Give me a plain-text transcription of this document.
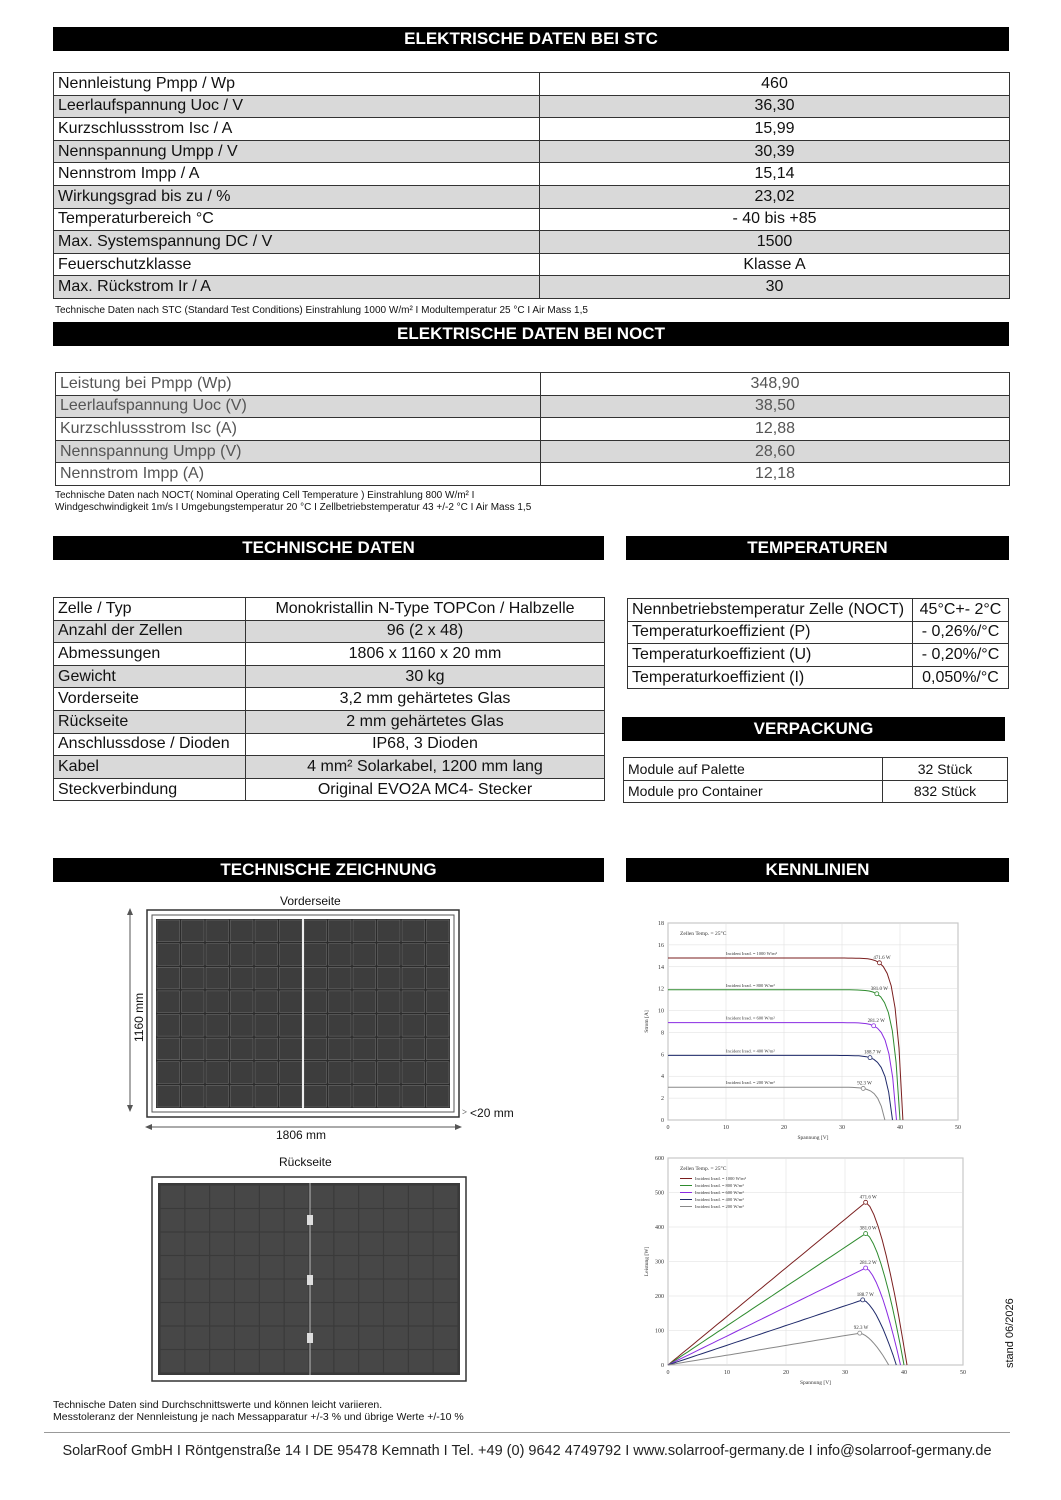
ELEKTRISCHE DATEN BEI STC
Nennleistung Pmpp / Wp	460
Leerlaufspannung Uoc / V	36,30
Kurzschlussstrom Isc / A	15,99
Nennspannung Umpp / V	30,39
Nennstrom Impp / A	15,14
Wirkungsgrad bis zu / %	23,02
Temperaturbereich °C	- 40 bis +85
Max. Systemspannung DC / V	1500
Feuerschutzklasse	Klasse A
Max. Rückstrom Ir / A	30
Technische Daten nach STC (Standard Test Conditions) Einstrahlung 1000 W/m² I Modultemperatur 25 °C I Air Mass 1,5
ELEKTRISCHE DATEN BEI NOCT
Leistung bei Pmpp (Wp)	348,90
Leerlaufspannung Uoc (V)	38,50
Kurzschlussstrom Isc (A)	12,88
Nennspannung Umpp (V)	28,60
Nennstrom Impp (A)	12,18
Technische Daten nach NOCT( Nominal Operating Cell Temperature ) Einstrahlung 800 W/m² I
Windgeschwindigkeit 1m/s I Umgebungstemperatur 20 °C I Zellbetriebstemperatur 43 +/-2 °C I Air Mass 1,5
TECHNISCHE DATEN
Zelle / Typ	Monokristallin N-Type TOPCon / Halbzelle
Anzahl der Zellen	96 (2 x 48)
Abmessungen	1806 x 1160 x 20 mm
Gewicht	30 kg
Vorderseite	3,2 mm gehärtetes Glas
Rückseite	2 mm gehärtetes Glas
Anschlussdose / Dioden	IP68, 3 Dioden
Kabel	4 mm² Solarkabel, 1200 mm lang
Steckverbindung	Original EVO2A MC4- Stecker
TEMPERATUREN
Nennbetriebstemperatur Zelle (NOCT)	45°C+- 2°C
Temperaturkoeffizient (P)	- 0,26%/°C
Temperaturkoeffizient (U)	- 0,20%/°C
Temperaturkoeffizient (I)	0,050%/°C
VERPACKUNG
Module auf Palette	32 Stück
Module pro Container	832 Stück
TECHNISCHE ZEICHNUNG
Vorderseite
>
1160 mm
1806 mm
<20 mm
Rückseite
KENNLINIEN
0	10	20	30	40	50
0
2
4
6
8
10
12
14
16
18
Spannung [V]
Strom [A]
Zellen Temp. = 25°C
471.6 W
Incident Irrad. = 1000 W/m²
381.0 W
Incident Irrad. = 800 W/m²
281.2 W
Incident Irrad. = 600 W/m²
188.7 W
Incident Irrad. = 400 W/m²
92.3 W
Incident Irrad. = 200 W/m²
0	10	20	30	40	50
0
100
200
300
400
500
600
Spannung [V]
Leistung [W]
Zellen Temp. = 25°C
471.6 W
Incident Irrad. = 1000 W/m²
381.0 W
Incident Irrad. = 800 W/m²
281.2 W
Incident Irrad. = 600 W/m²
188.7 W
Incident Irrad. = 400 W/m²
92.3 W
Incident Irrad. = 200 W/m²
Technische Daten sind Durchschnittswerte und können leicht variieren.
Messtoleranz der Nennleistung je nach Messapparatur +/-3 % und übrige Werte +/-10 %
stand 06/2026
SolarRoof GmbH I Röntgenstraße 14 I DE 95478 Kemnath I Tel. +49 (0) 9642 4749792 I www.solarroof-germany.de I info@solarroof-germany.de
